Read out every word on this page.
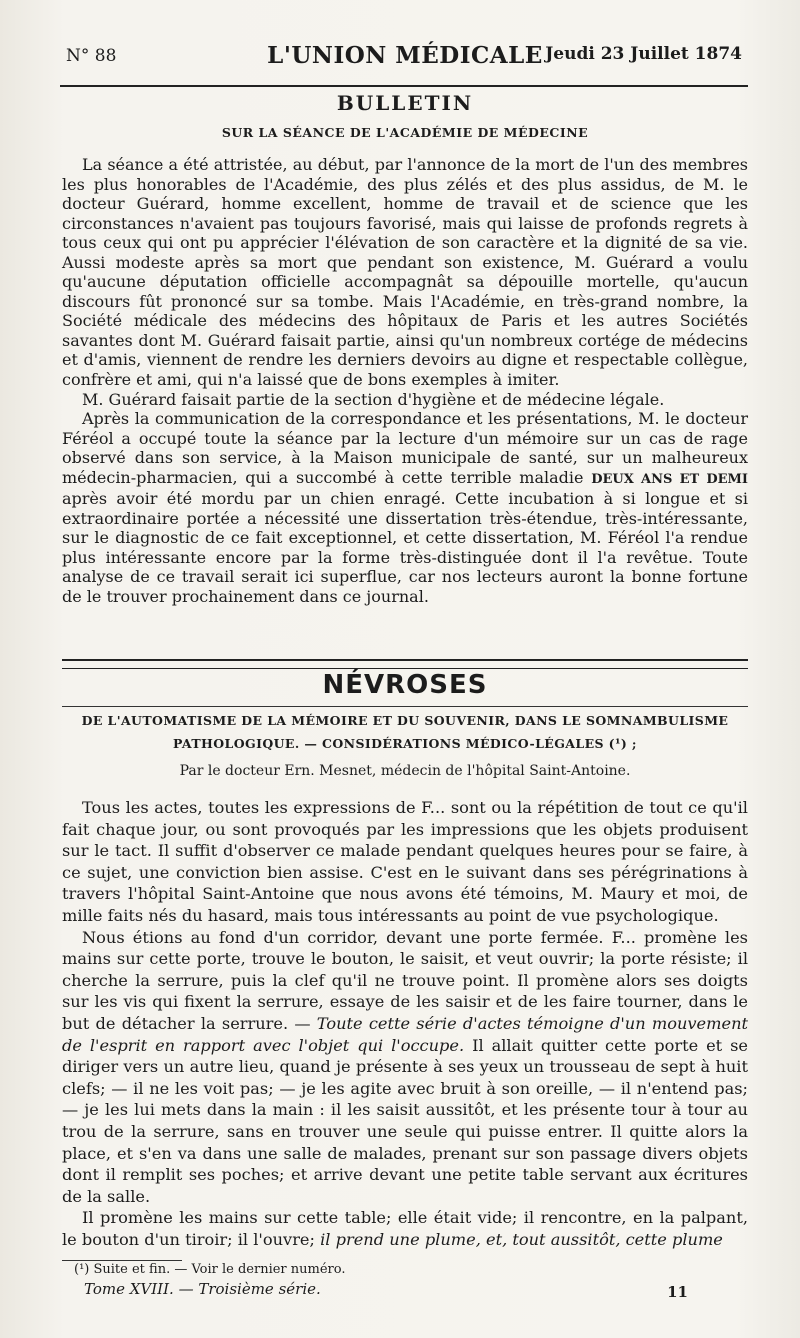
N° 88	L'UNION MÉDICALE Jeudi 23 Juillet 1874
BULLETIN
SUR LA SÉANCE DE L'ACADÉMIE DE MÉDECINE

La séance a été attristée, au début, par l'annonce de la mort de l'un des membres les plus honorables de l'Académie, des plus zélés et des plus assidus, de M. le docteur Guérard, homme excellent, homme de travail et de science que les circonstances n'avaient pas toujours favorisé, mais qui laisse de profonds regrets à tous ceux qui ont pu apprécier l'élévation de son caractère et la dignité de sa vie. Aussi modeste après sa mort que pendant son existence, M. Guérard a voulu qu'aucune députation officielle accompagnât sa dépouille mortelle, qu'aucun discours fût prononcé sur sa tombe. Mais l'Académie, en très-grand nombre, la Société médicale des médecins des hôpitaux de Paris et les autres Sociétés savantes dont M. Guérard faisait partie, ainsi qu'un nombreux cortége de médecins et d'amis, viennent de rendre les derniers devoirs au digne et respectable collègue, confrère et ami, qui n'a laissé que de bons exemples à imiter.

M. Guérard faisait partie de la section d'hygiène et de médecine légale.

Après la communication de la correspondance et les présentations, M. le docteur Féréol a occupé toute la séance par la lecture d'un mémoire sur un cas de rage observé dans son service, à la Maison municipale de santé, sur un malheureux médecin-pharmacien, qui a succombé à cette terrible maladie DEUX ANS ET DEMI après avoir été mordu par un chien enragé. Cette incubation à si longue et si extraordinaire portée a nécessité une dissertation très-étendue, très-intéressante, sur le diagnostic de ce fait exceptionnel, et cette dissertation, M. Féréol l'a rendue plus intéressante encore par la forme très-distinguée dont il l'a revêtue. Toute analyse de ce travail serait ici superflue, car nos lecteurs auront la bonne fortune de le trouver prochainement dans ce journal.

NÉVROSES
DE L'AUTOMATISME DE LA MÉMOIRE ET DU SOUVENIR, DANS LE SOMNAMBULISME
PATHOLOGIQUE. — CONSIDÉRATIONS MÉDICO-LÉGALES (¹) ;
Par le docteur Ern. Mesnet, médecin de l'hôpital Saint-Antoine.

Tous les actes, toutes les expressions de F... sont ou la répétition de tout ce qu'il fait chaque jour, ou sont provoqués par les impressions que les objets produisent sur le tact. Il suffit d'observer ce malade pendant quelques heures pour se faire, à ce sujet, une conviction bien assise. C'est en le suivant dans ses pérégrinations à travers l'hôpital Saint-Antoine que nous avons été témoins, M. Maury et moi, de mille faits nés du hasard, mais tous intéressants au point de vue psychologique.

Nous étions au fond d'un corridor, devant une porte fermée. F... promène les mains sur cette porte, trouve le bouton, le saisit, et veut ouvrir; la porte résiste; il cherche la serrure, puis la clef qu'il ne trouve point. Il promène alors ses doigts sur les vis qui fixent la serrure, essaye de les saisir et de les faire tourner, dans le but de détacher la serrure. — Toute cette série d'actes témoigne d'un mouvement de l'esprit en rapport avec l'objet qui l'occupe. Il allait quitter cette porte et se diriger vers un autre lieu, quand je présente à ses yeux un trousseau de sept à huit clefs; — il ne les voit pas; — je les agite avec bruit à son oreille, — il n'entend pas; — je les lui mets dans la main : il les saisit aussitôt, et les présente tour à tour au trou de la serrure, sans en trouver une seule qui puisse entrer. Il quitte alors la place, et s'en va dans une salle de malades, prenant sur son passage divers objets dont il remplit ses poches; et arrive devant une petite table servant aux écritures de la salle.

Il promène les mains sur cette table; elle était vide; il rencontre, en la palpant, le bouton d'un tiroir; il l'ouvre; il prend une plume, et, tout aussitôt, cette plume

(¹) Suite et fin. — Voir le dernier numéro.
Tome XVIII. — Troisième série.	11
